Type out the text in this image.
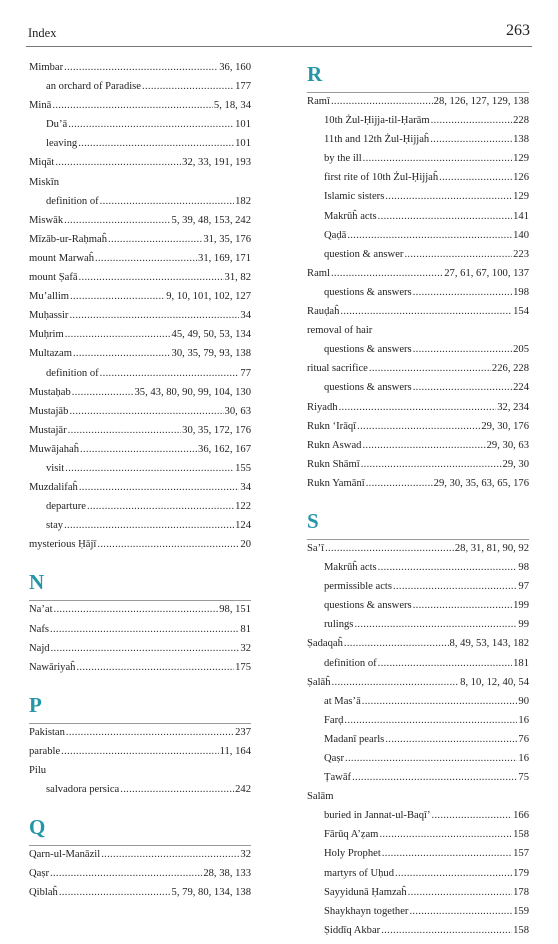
Index	263
Mimbar .....	36, 160
an orchard of Paradise .....	177
Minā .....	5, 18, 34
Du’ā .....	101
leaving .....	101
Miqāt .....	32, 33, 191, 193
Miskīn
definition of .....	182
Miswāk .....	5, 39, 48, 153, 242
Mīzāb-ur-Raḥmaĥ .....	31, 35, 176
mount Marwaĥ .....	31, 169, 171
mount Ṣafā .....	31, 82
Mu’allim .....	9, 10, 101, 102, 127
Muḥassir .....	34
Muḥrim .....	45, 49, 50, 53, 134
Multazam .....	30, 35, 79, 93, 138
definition of .....	77
Mustaḥab .....	35, 43, 80, 90, 99, 104, 130
Mustajāb .....	30, 63
Mustajār .....	30, 35, 172, 176
Muwājahaĥ .....	36, 162, 167
visit .....	155
Muzdalifaĥ .....	34
departure .....	122
stay .....	124
mysterious Ḥājī .....	20
N
Na’at .....	98, 151
Nafs .....	81
Najd .....	32
Nawāriyaĥ .....	175
P
Pakistan .....	237
parable .....	11, 164
Pilu
salvadora persica .....	242
Q
Qarn-ul-Manāzil .....	32
Qaṣr .....	28, 38, 133
Qiblaĥ .....	5, 79, 80, 134, 138
R
Ramī .....	28, 126, 127, 129, 138
10th Żul-Ḥijja-til-Ḥarām .....	228
11th and 12th Żul-Ḥijjaĥ .....	138
by the ill .....	129
first rite of 10th Żul-Ḥijjaĥ .....	126
Islamic sisters .....	129
Makrūĥ acts .....	141
Qaḍā .....	140
question & answer .....	223
Raml .....	27, 61, 67, 100, 137
questions & answers .....	198
Rauḍaĥ .....	154
removal of hair
questions & answers .....	205
ritual sacrifice .....	226, 228
questions & answers .....	224
Riyadh .....	32, 234
Rukn ‘Irāqī .....	29, 30, 176
Rukn Aswad .....	29, 30, 63
Rukn Shāmī .....	29, 30
Rukn Yamānī .....	29, 30, 35, 63, 65, 176
S
Sa’ī .....	28, 31, 81, 90, 92
Makrūĥ acts .....	98
permissible acts .....	97
questions & answers .....	199
rulings .....	99
Ṣadaqaĥ .....	8, 49, 53, 143, 182
definition of .....	181
Ṣalāĥ .....	8, 10, 12, 40, 54
at Mas’ā .....	90
Farḍ .....	16
Madanī pearls .....	76
Qaṣr .....	16
Ṭawāf .....	75
Salām
buried in Jannat-ul-Baqī’ .....	166
Fārūq A’ẓam .....	158
Holy Prophet .....	157
martyrs of Uḥud .....	179
Sayyidunā Ḥamzaĥ .....	178
Shaykhayn together .....	159
Ṣiddīq Akbar .....	158
